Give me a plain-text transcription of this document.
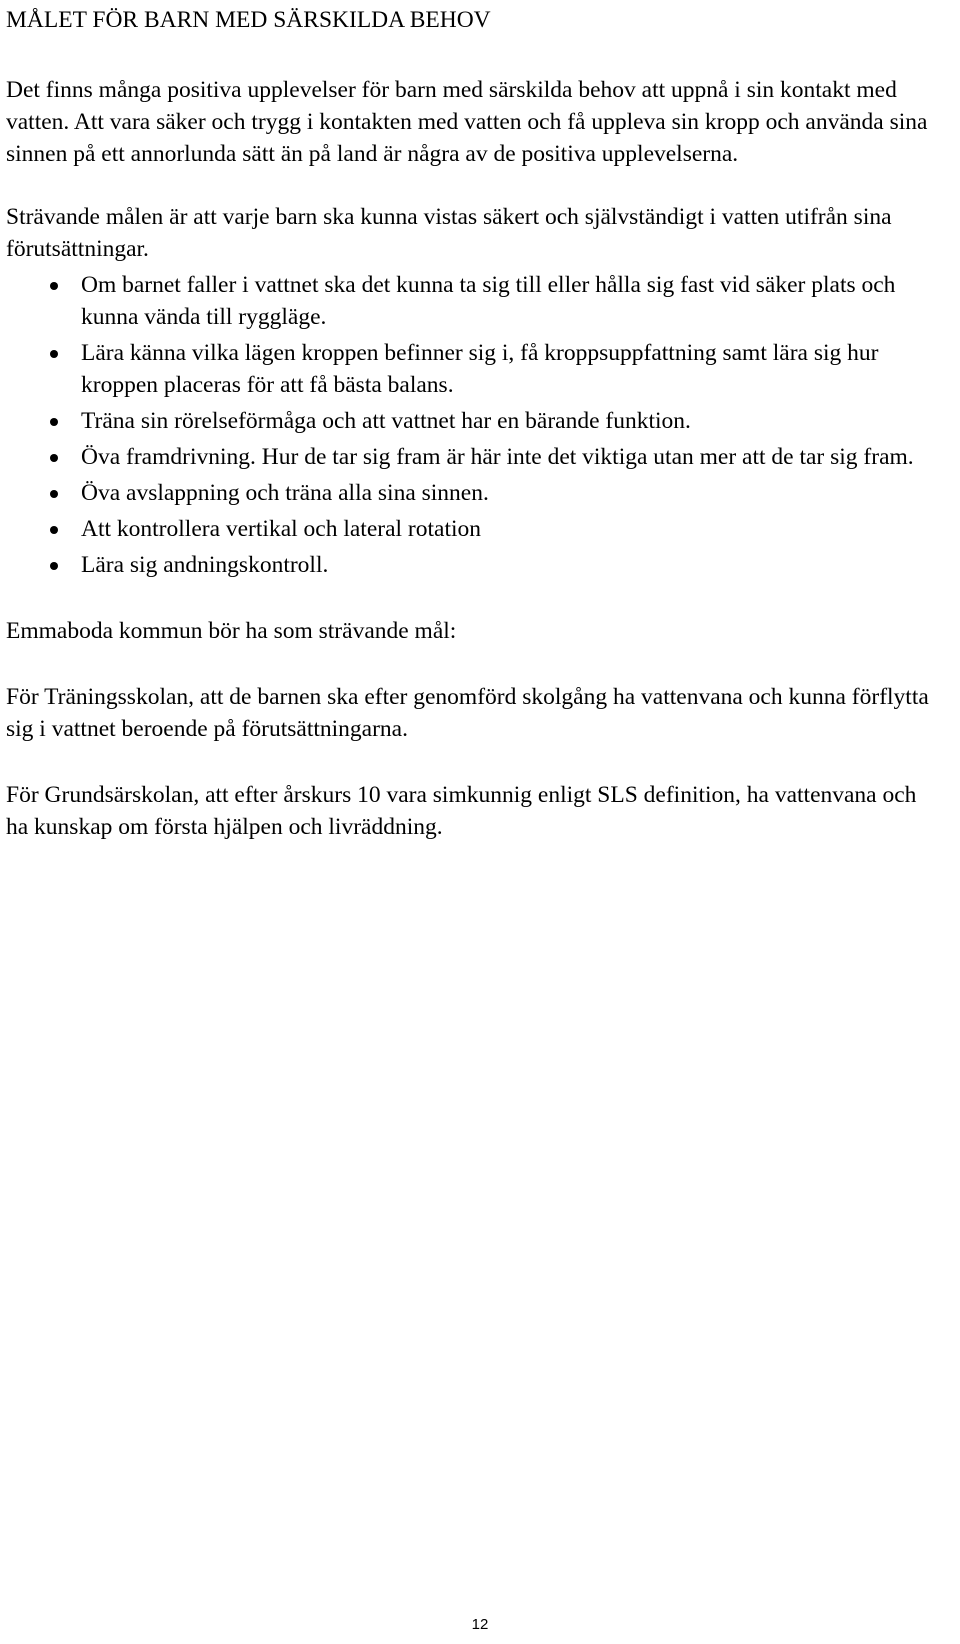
MÅLET FÖR BARN MED SÄRSKILDA BEHOV

Det finns många positiva upplevelser för barn med särskilda behov att uppnå i sin kontakt med vatten. Att vara säker och trygg i kontakten med vatten och få uppleva sin kropp och använda sina sinnen på ett annorlunda sätt än på land är några av de positiva upplevelserna.

Strävande målen är att varje barn ska kunna vistas säkert och självständigt i vatten utifrån sina förutsättningar.

Om barnet faller i vattnet ska det kunna ta sig till eller hålla sig fast vid säker plats och kunna vända till ryggläge.
Lära känna vilka lägen kroppen befinner sig i, få kroppsuppfattning samt lära sig hur kroppen placeras för att få bästa balans.
Träna sin rörelseförmåga och att vattnet har en bärande funktion.
Öva framdrivning. Hur de tar sig fram är här inte det viktiga utan mer att de tar sig fram.
Öva avslappning och träna alla sina sinnen.
Att kontrollera vertikal och lateral rotation
Lära sig andningskontroll.

Emmaboda kommun bör ha som strävande mål:

För Träningsskolan, att de barnen ska efter genomförd skolgång ha vattenvana och kunna förflytta sig i vattnet beroende på förutsättningarna.

För Grundsärskolan, att efter årskurs 10 vara simkunnig enligt SLS definition, ha vattenvana och ha kunskap om första hjälpen och livräddning.

12
